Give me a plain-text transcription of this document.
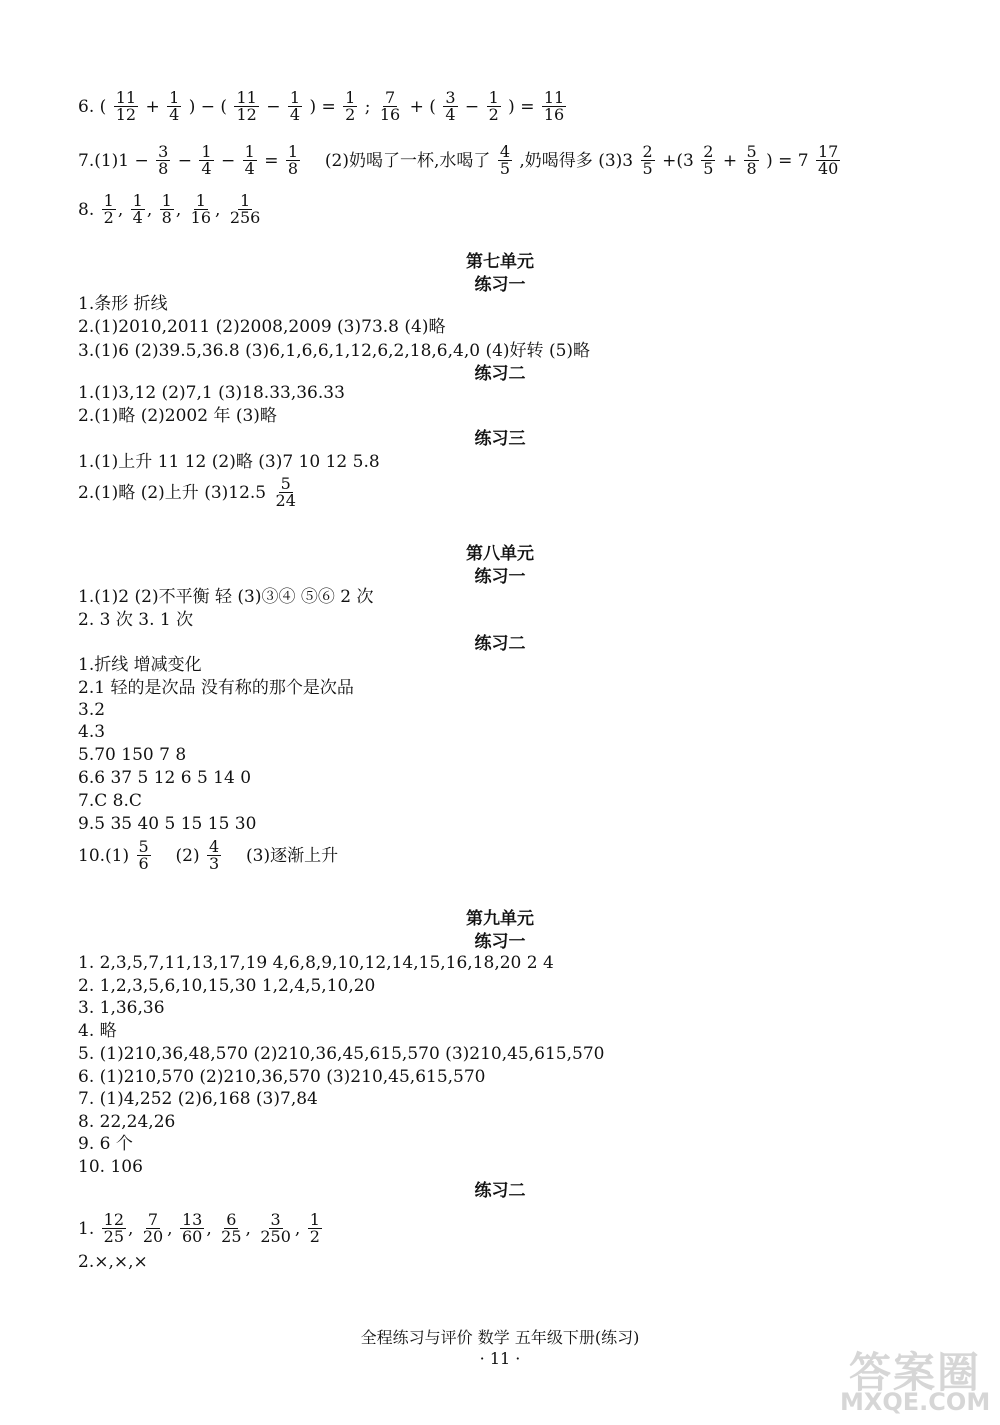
6. ( $\frac{11}{12} + \frac{1}{4}$ ) − ( $\frac{11}{12} - \frac{1}{4}$ ) = $\frac{1}{2}$ ; $\frac{7}{16}$ + ( $\frac{3}{4} - \frac{1}{2}$ ) = $\frac{11}{16}$
$7.(1)1 - \frac{3}{8} - \frac{1}{4} - \frac{1}{4} = \frac{1}{8} (2)$奶喝了一杯,水喝了 $\frac{4}{5}$ ,奶喝得多 $(3)3 \frac{2}{5} +(3 \frac{2}{5} + \frac{5}{8}$ ) = $7 \frac{17}{40}$
8. $\frac{1}{2}$ , $\frac{1}{4}$ , $\frac{1}{8}$ , $\frac{1}{16}$ , $\frac{1}{256}$
第七单元
练习一
1.条形 折线
2.(1)2010,2011 (2)2008,2009 (3)73.8 (4)略
3.(1)6 (2)39.5,36.8 (3)6,1,6,6,1,12,6,2,18,6,4,0 (4)好转 (5)略
练习二
1.(1)3,12 (2)7,1 (3)18.33,36.33
2.(1)略 (2)2002 年 (3)略
练习三
1.(1)上升 11 12 (2)略 (3)7 10 12 5.8
2.(1)略 (2)上升 $(3)12.5 \frac{5}{24}$
第八单元
练习一
1.(1)2 (2)不平衡 轻 (3)③④ ⑤⑥ 2 次
2. 3 次 3. 1 次
练习二
1.折线 增减变化
2.1 轻的是次品 没有称的那个是次品
3.2
4.3
5.70 150 7 8
6.6 37 5 12 6 5 14 0
7.C 8.C
9.5 35 40 5 15 15 30
$10.(1) \frac{5}{6} (2) \frac{4}{3} (3)$逐渐上升
第九单元
练习一
1. 2,3,5,7,11,13,17,19 4,6,8,9,10,12,14,15,16,18,20 2 4
2. 1,2,3,5,6,10,15,30 1,2,4,5,10,20
3. 1,36,36
4. 略
5. (1)210,36,48,570 (2)210,36,45,615,570 (3)210,45,615,570
6. (1)210,570 (2)210,36,570 (3)210,45,615,570
7. (1)4,252 (2)6,168 (3)7,84
8. 22,24,26
9. 6 个
10. 106
练习二
1. $\frac{12}{25}$ , $\frac{7}{20}$ , $\frac{13}{60}$ , $\frac{6}{25}$ , $\frac{3}{250}$ , $\frac{1}{2}$
2.×,×,×
全程练习与评价 数学 五年级下册(练习)
· 11 ·	答案圈
MXQE.COM
